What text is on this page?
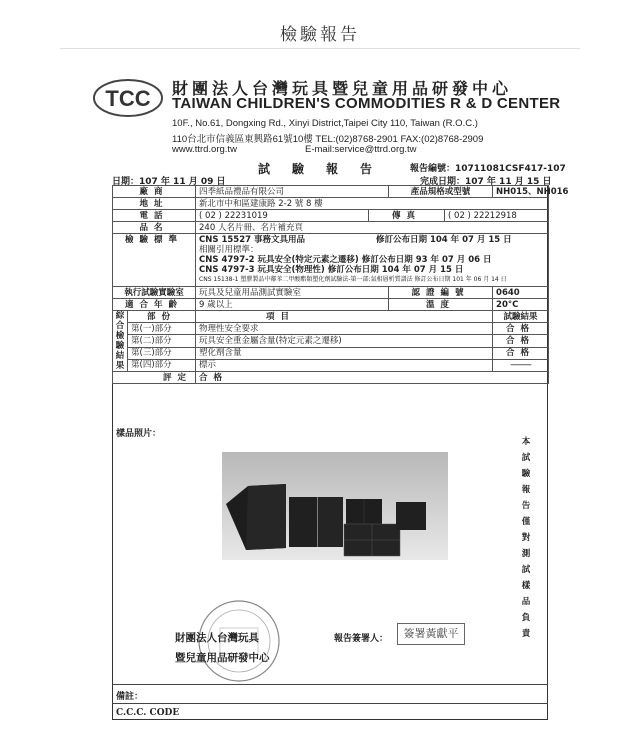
檢驗報告
TCC 財團法人台灣玩具暨兒童用品研發中心
TAIWAN CHILDREN'S COMMODITIES R & D CENTER
10F., No.61, Dongxing Rd., Xinyi District,Taipei City 110, Taiwan (R.O.C.)
110台北市信義區東興路61號10樓 TEL:(02)8768-2901 FAX:(02)8768-2909
www.ttrd.org.tw	E-mail:service@ttrd.org.tw
試驗報告 報告編號：10711081CSF417-107
日期：107 年 11 月 09 日	完成日期：107 年 11 月 15 日
廠商		四季紙品禮品有限公司		產品規格或型號		NH015、NH016
地址		新北市中和區建康路 2-2 號 8 樓				
電話		( 02 ) 22231019	傳真		( 02 ) 22212918	
品名		240 人名片冊、名片補充頁				
檢驗標準		CNS 15527 事務文具用品                        修訂公布日期 104 年 07 月 15 日
相關引用標準：
CNS 4797-2 玩具安全(特定元素之遷移) 修訂公布日期 93 年 07 月 06 日
CNS 4797-3 玩具安全(物理性) 修訂公布日期 104 年 07 月 15 日
CNS 15138-1 塑膠製品中鄰苯二甲酸酯類塑化劑試驗法-第一部:氣相層析質譜法 修訂公布日期 101 年 06 月 14 日				

執行試驗實驗室		玩具及兒童用品測試實驗室		認證編號		0640
適合年齡		9 歲以上		溫度		20°C
綜合檢驗結果	部份	項目				試驗結果
	第(一)部分	物理性安全要求				合格
	第(二)部分	玩具安全重金屬含量(特定元素之遷移)				合格
	第(三)部分	塑化劑含量				合格
	第(四)部分	標示				----------
評定		合格				
樣品照片：
本試驗報告僅對測試樣品負責
財團法人台灣玩具
暨兒童用品研發中心
報告簽署人：	簽署黃獻平
備註：
C.C.C. CODE
